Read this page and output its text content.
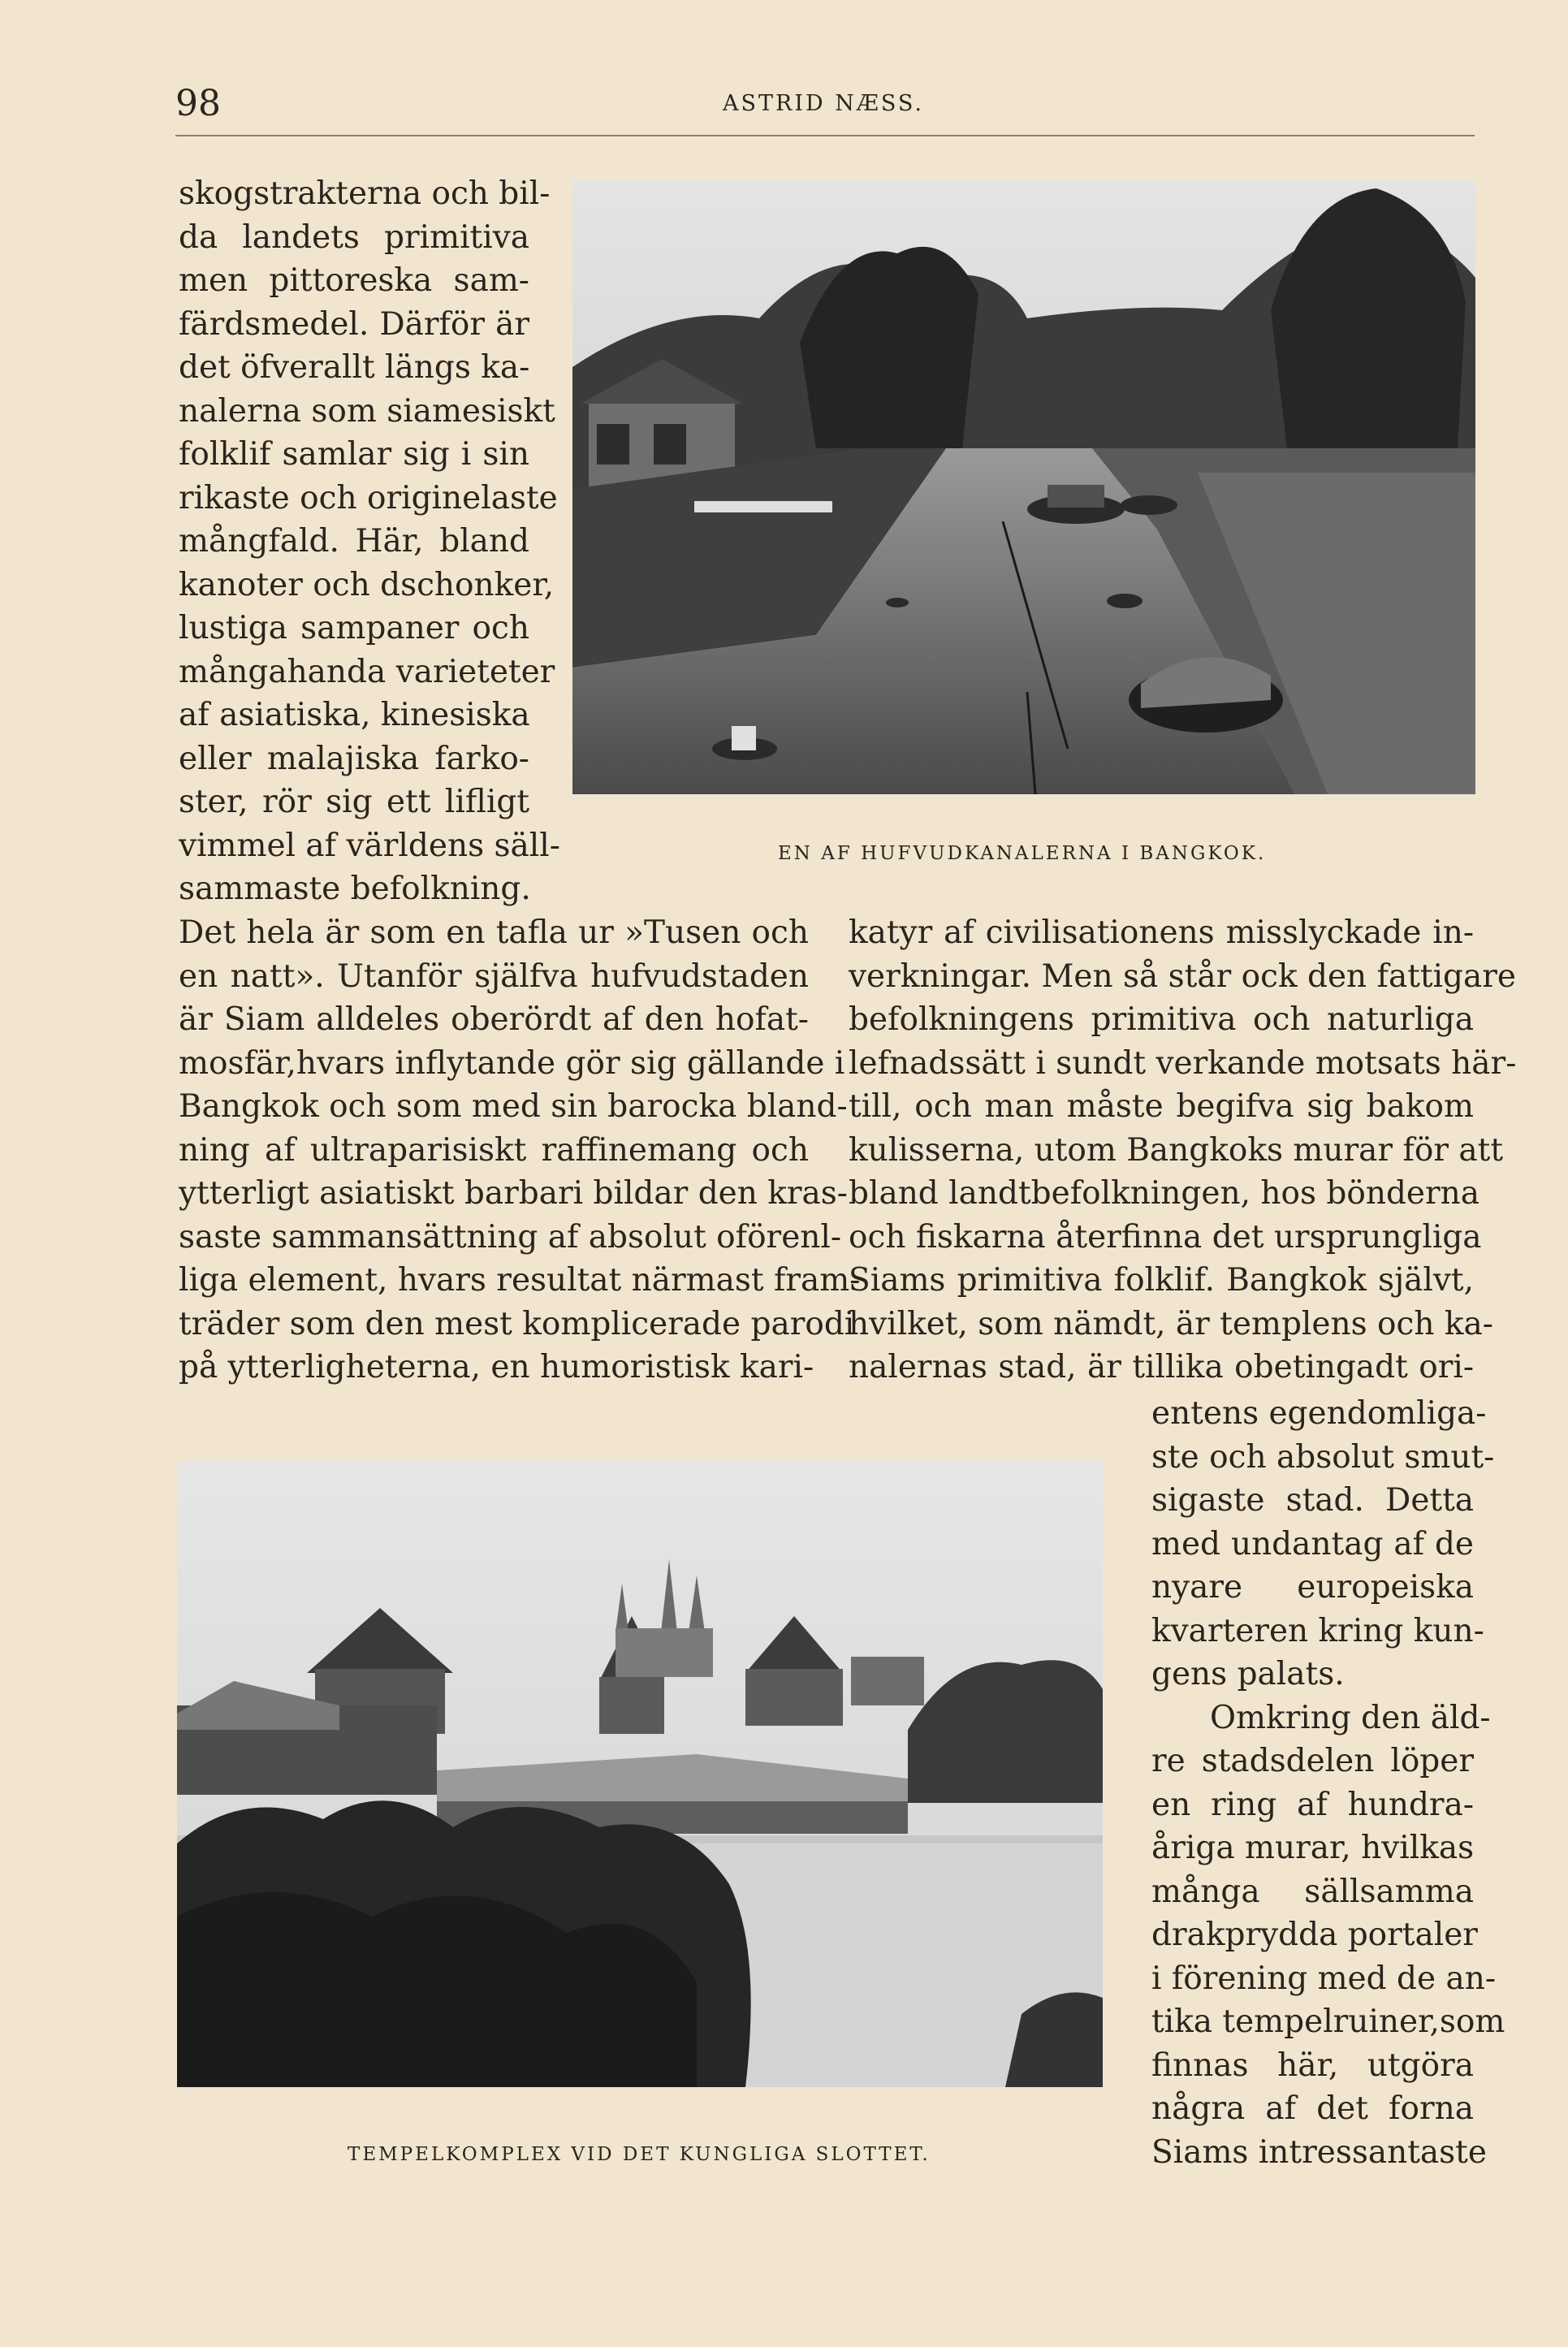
98	ASTRID NÆSS.
skogstrakterna och bil-
da landets primitiva
men pittoreska sam-
färdsmedel. Därför är
det öfverallt längs ka-
nalerna som siamesiskt
folklif samlar sig i sin
rikaste och originelaste
mångfald. Här, bland
kanoter och dschonker,
lustiga sampaner och
mångahanda varieteter
af asiatiska, kinesiska
eller malajiska farko-
ster, rör sig ett lifligt
vimmel af världens säll-
sammaste befolkning.
EN AF HUFVUDKANALERNA I BANGKOK.
Det hela är som en tafla ur »Tusen och
en natt». Utanför själfva hufvudstaden
är Siam alldeles oberördt af den hofat-
mosfär,hvars inflytande gör sig gällande i
Bangkok och som med sin barocka bland-
ning af ultraparisiskt raffinemang och
ytterligt asiatiskt barbari bildar den kras-
saste sammansättning af absolut oförenl-
liga element, hvars resultat närmast fram-
träder som den mest komplicerade parodi
på ytterligheterna, en humoristisk kari-
katyr af civilisationens misslyckade in-
verkningar. Men så står ock den fattigare
befolkningens primitiva och naturliga
lefnadssätt i sundt verkande motsats här-
till, och man måste begifva sig bakom
kulisserna, utom Bangkoks murar för att
bland landtbefolkningen, hos bönderna
och fiskarna återfinna det ursprungliga
Siams primitiva folklif. Bangkok självt,
hvilket, som nämdt, är templens och ka-
nalernas stad, är tillika obetingadt ori-
entens egendomliga-
ste och absolut smut-
sigaste stad. Detta
med undantag af de
nyare europeiska
kvarteren kring kun-
gens palats.
Omkring den äld-
re stadsdelen löper
en ring af hundra-
åriga murar, hvilkas
många sällsamma
drakprydda portaler
i förening med de an-
tika tempelruiner,som
finnas här, utgöra
några af det forna
Siams intressantaste
TEMPELKOMPLEX VID DET KUNGLIGA SLOTTET.
